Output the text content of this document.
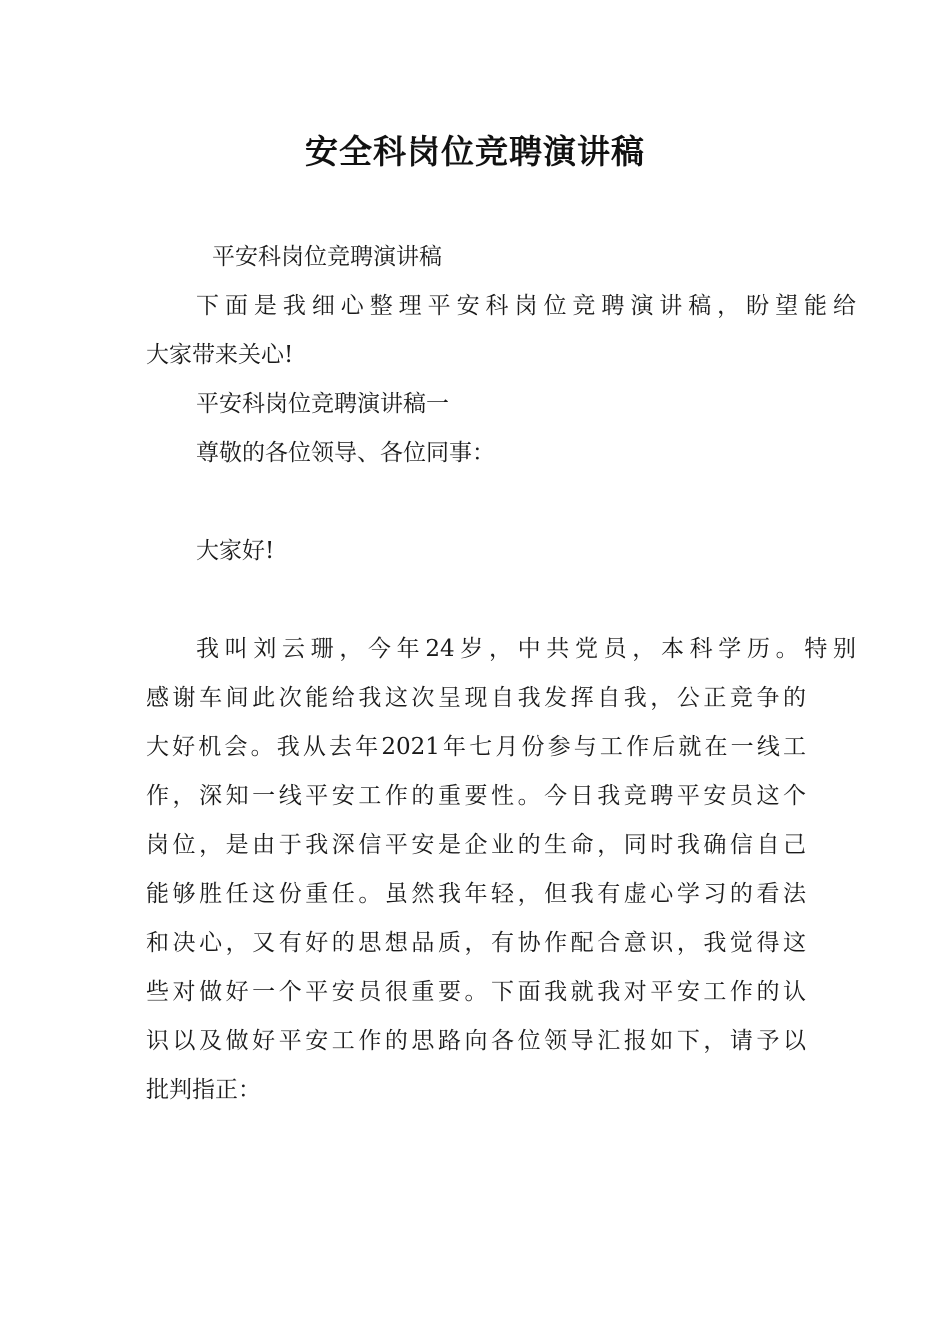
安全科岗位竞聘演讲稿
平安科岗位竞聘演讲稿
下面是我细心整理平安科岗位竞聘演讲稿，盼望能给
大家带来关心!
平安科岗位竞聘演讲稿一
尊敬的各位领导、各位同事：
大家好!
我叫刘云珊，今年24岁，中共党员，本科学历。特别
感谢车间此次能给我这次呈现自我发挥自我，公正竞争的
大好机会。我从去年2021年七月份参与工作后就在一线工
作，深知一线平安工作的重要性。今日我竞聘平安员这个
岗位，是由于我深信平安是企业的生命，同时我确信自己
能够胜任这份重任。虽然我年轻，但我有虚心学习的看法
和决心，又有好的思想品质，有协作配合意识，我觉得这
些对做好一个平安员很重要。下面我就我对平安工作的认
识以及做好平安工作的思路向各位领导汇报如下，请予以
批判指正：
